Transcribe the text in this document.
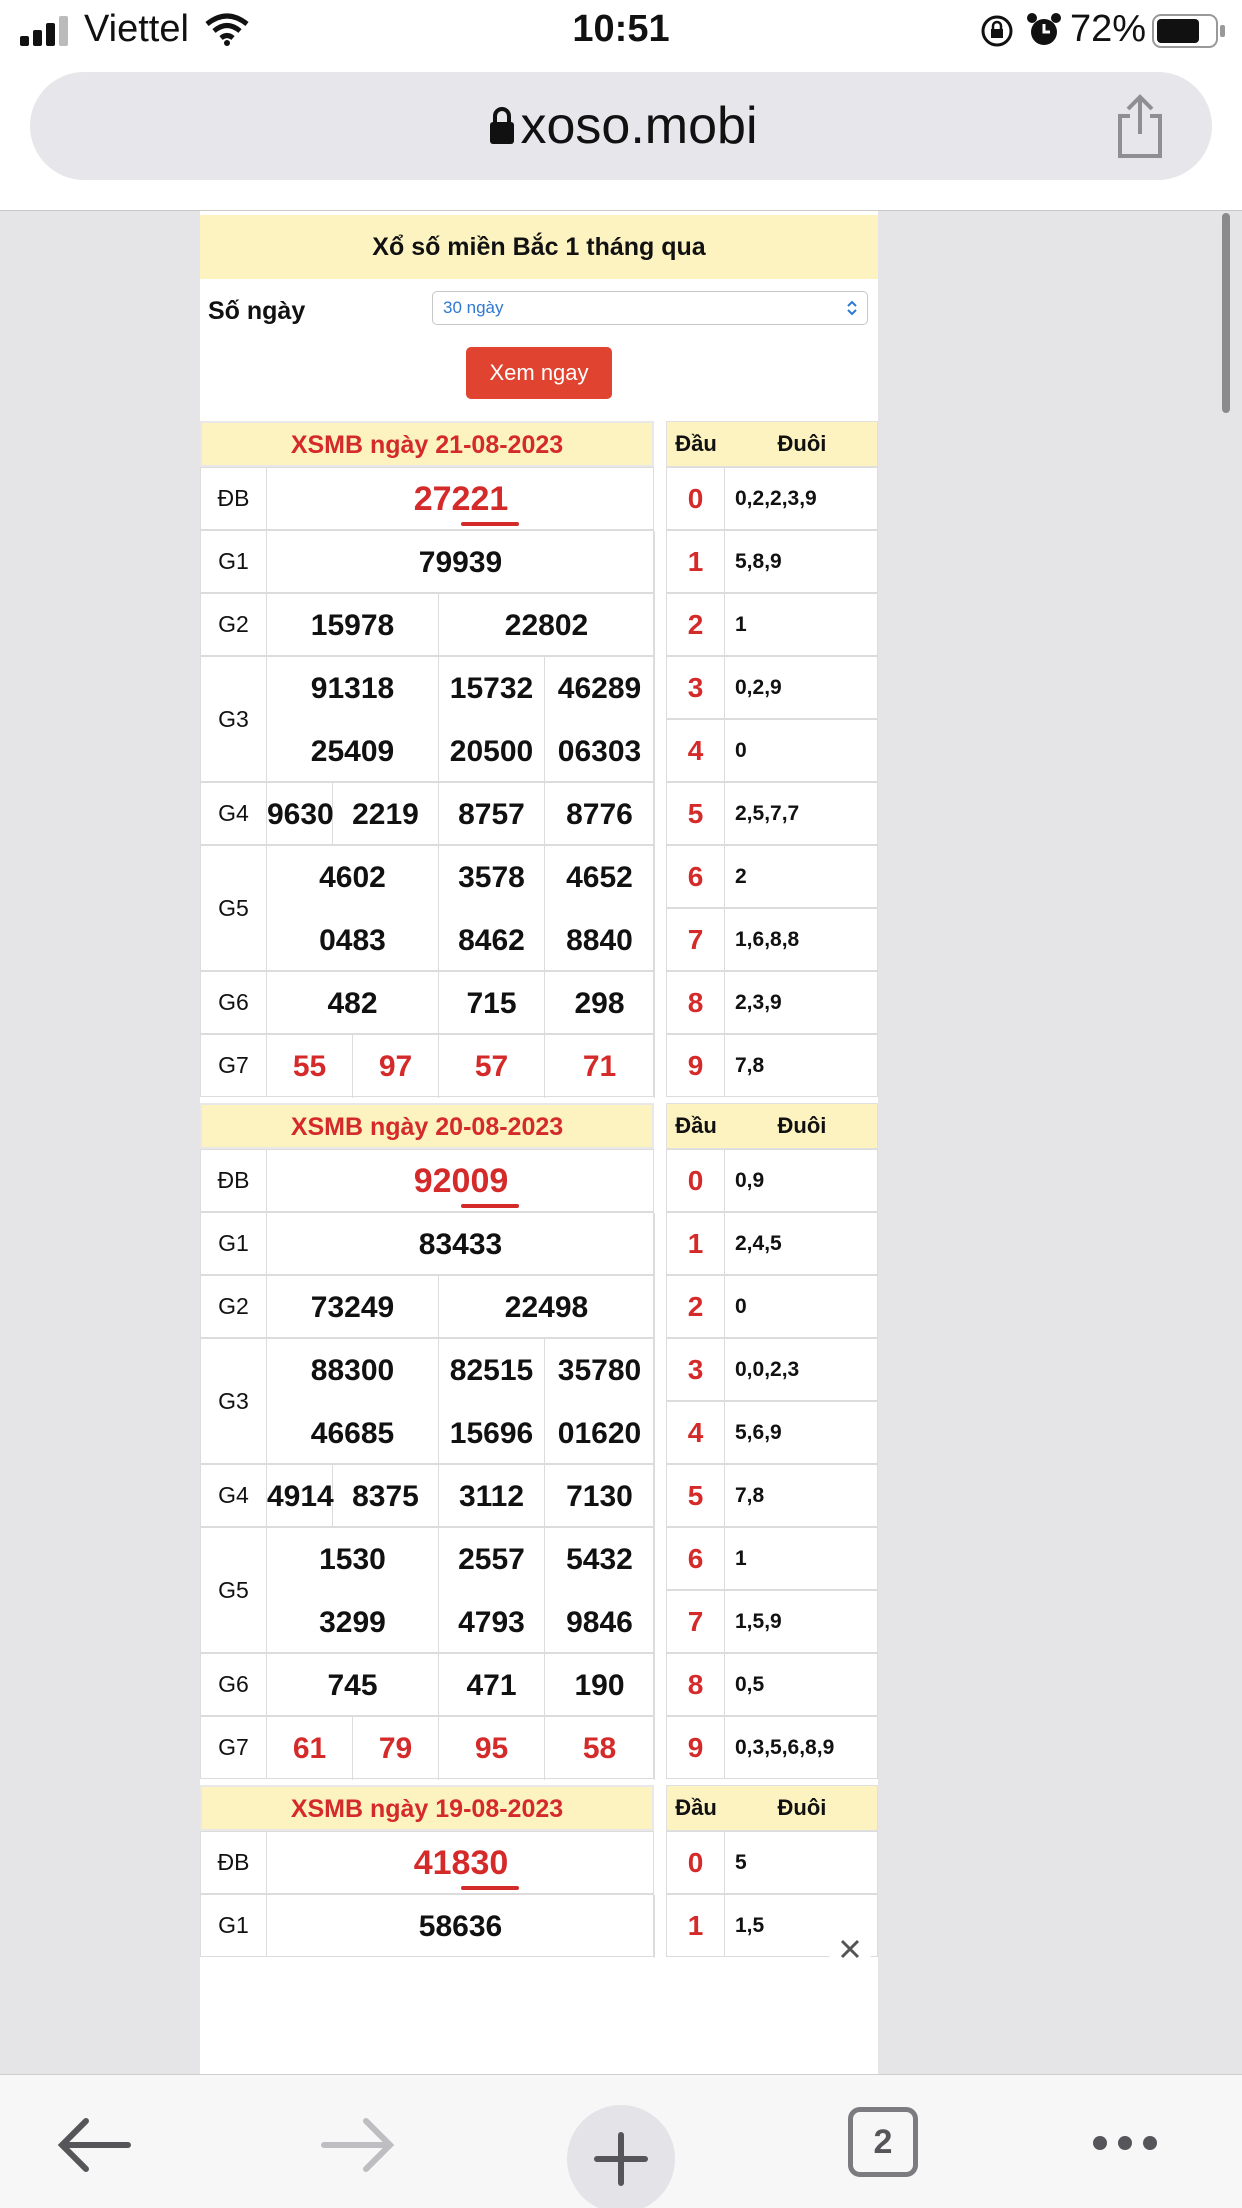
Viettel	10:51	72%
xoso.mobi
Xổ số miền Bắc 1 tháng qua
Số ngày	30 ngày
Xem ngay
XSMB ngày 21-08-2023
ĐB	27221
G1	79939
G2	15978	22802
G3
91318	15732 46289
25409	20500 06303
G4 9630 2219	8757	8776
G5
4602	3578	4652
0483	8462	8840
G6	482	715	298
G7	55	97	57	71
Đầu	Đuôi
0	0,2,2,3,9
1	5,8,9
2	1
3	0,2,9
4	0
5	2,5,7,7
6	2
7	1,6,8,8
8	2,3,9
9	7,8
XSMB ngày 20-08-2023
ĐB	92009
G1	83433
G2	73249	22498
G3
88300	82515 35780
46685	15696 01620
G4 4914 8375	3112	7130
G5
1530	2557	5432
3299	4793	9846
G6	745	471	190
G7	61	79	95	58
Đầu	Đuôi
0	0,9
1	2,4,5
2	0
3	0,0,2,3
4	5,6,9
5	7,8
6	1
7	1,5,9
8	0,5
9	0,3,5,6,8,9
XSMB ngày 19-08-2023
ĐB	41830
G1	58636
Đầu	Đuôi
0	5
1	1,5
2
